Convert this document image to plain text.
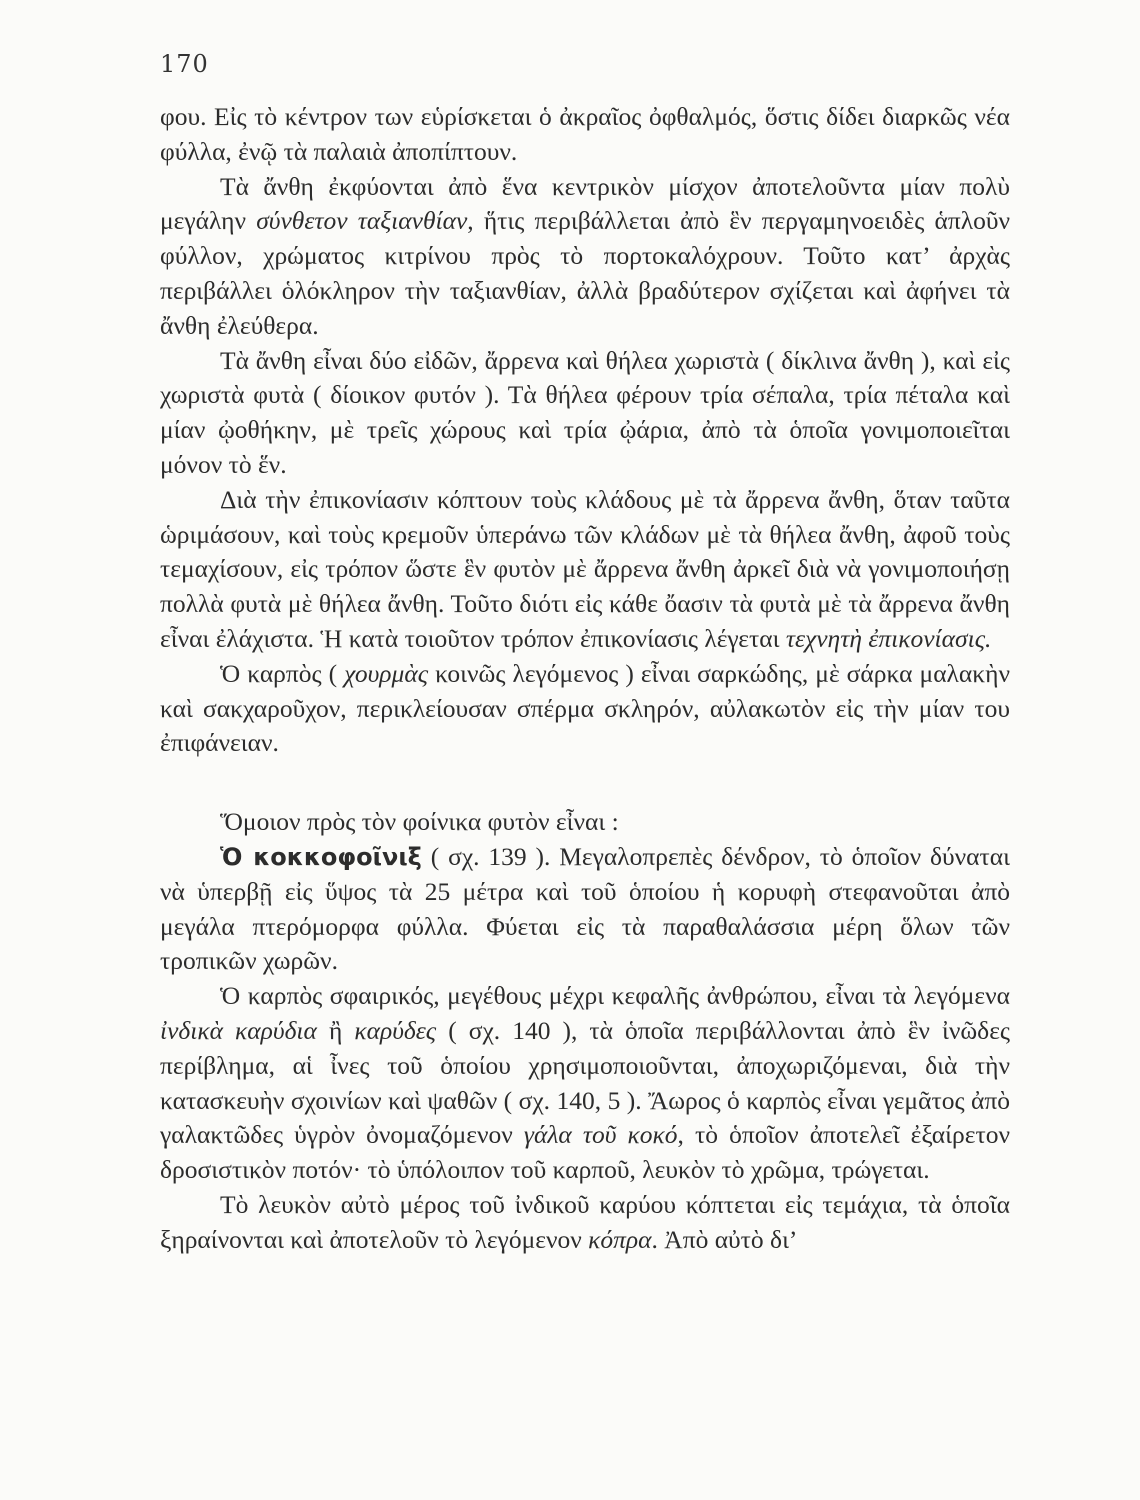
170

φου. Εἰς τὸ κέντρον των εὑρίσκεται ὁ ἀκραῖος ὀφθαλμός, ὅστις δίδει διαρκῶς νέα φύλλα, ἐνῷ τὰ παλαιὰ ἀποπίπτουν.

Τὰ ἄνθη ἐκφύονται ἀπὸ ἕνα κεντρικὸν μίσχον ἀποτελοῦντα μίαν πολὺ μεγάλην σύνθετον ταξιανθίαν, ἥτις περιβάλλεται ἀπὸ ἓν περγαμηνοειδὲς ἁπλοῦν φύλλον, χρώματος κιτρίνου πρὸς τὸ πορτοκαλόχρουν. Τοῦτο κατ’ ἀρχὰς περιβάλλει ὁλόκληρον τὴν ταξιανθίαν, ἀλλὰ βραδύτερον σχίζεται καὶ ἀφήνει τὰ ἄνθη ἐλεύθερα.

Τὰ ἄνθη εἶναι δύο εἰδῶν, ἄρρενα καὶ θήλεα χωριστὰ ( δίκλινα ἄνθη ), καὶ εἰς χωριστὰ φυτὰ ( δίοικον φυτόν ). Τὰ θήλεα φέρουν τρία σέπαλα, τρία πέταλα καὶ μίαν ᾠοθήκην, μὲ τρεῖς χώρους καὶ τρία ᾠάρια, ἀπὸ τὰ ὁποῖα γονιμοποιεῖται μόνον τὸ ἕν.

Διὰ τὴν ἐπικονίασιν κόπτουν τοὺς κλάδους μὲ τὰ ἄρρενα ἄνθη, ὅταν ταῦτα ὡριμάσουν, καὶ τοὺς κρεμοῦν ὑπεράνω τῶν κλάδων μὲ τὰ θήλεα ἄνθη, ἀφοῦ τοὺς τεμαχίσουν, εἰς τρόπον ὥστε ἓν φυτὸν μὲ ἄρρενα ἄνθη ἀρκεῖ διὰ νὰ γονιμοποιήσῃ πολλὰ φυτὰ μὲ θήλεα ἄνθη. Τοῦτο διότι εἰς κάθε ὄασιν τὰ φυτὰ μὲ τὰ ἄρρενα ἄνθη εἶναι ἐλάχιστα. Ἡ κατὰ τοιοῦτον τρόπον ἐπικονίασις λέγεται τεχνητὴ ἐπικονίασις.

Ὁ καρπὸς ( χουρμὰς κοινῶς λεγόμενος ) εἶναι σαρκώδης, μὲ σάρκα μαλακὴν καὶ σακχαροῦχον, περικλείουσαν σπέρμα σκληρόν, αὐλακωτὸν εἰς τὴν μίαν του ἐπιφάνειαν.

Ὅμοιον πρὸς τὸν φοίνικα φυτὸν εἶναι :

Ὁ κοκκοφοῖνιξ ( σχ. 139 ). Μεγαλοπρεπὲς δένδρον, τὸ ὁποῖον δύναται νὰ ὑπερβῇ εἰς ὕψος τὰ 25 μέτρα καὶ τοῦ ὁποίου ἡ κορυφὴ στεφανοῦται ἀπὸ μεγάλα πτερόμορφα φύλλα. Φύεται εἰς τὰ παραθαλάσσια μέρη ὅλων τῶν τροπικῶν χωρῶν.

Ὁ καρπὸς σφαιρικός, μεγέθους μέχρι κεφαλῆς ἀνθρώπου, εἶναι τὰ λεγόμενα ἰνδικὰ καρύδια ἢ καρύδες ( σχ. 140 ), τὰ ὁποῖα περιβάλλονται ἀπὸ ἓν ἰνῶδες περίβλημα, αἱ ἶνες τοῦ ὁποίου χρησιμοποιοῦνται, ἀποχωριζόμεναι, διὰ τὴν κατασκευὴν σχοινίων καὶ ψαθῶν ( σχ. 140, 5 ). Ἄωρος ὁ καρπὸς εἶναι γεμᾶτος ἀπὸ γαλακτῶδες ὑγρὸν ὀνομαζόμενον γάλα τοῦ κοκό, τὸ ὁποῖον ἀποτελεῖ ἐξαίρετον δροσιστικὸν ποτόν· τὸ ὑπόλοιπον τοῦ καρποῦ, λευκὸν τὸ χρῶμα, τρώγεται.

Τὸ λευκὸν αὐτὸ μέρος τοῦ ἰνδικοῦ καρύου κόπτεται εἰς τεμάχια, τὰ ὁποῖα ξηραίνονται καὶ ἀποτελοῦν τὸ λεγόμενον κόπρα. Ἀπὸ αὐτὸ δι’
